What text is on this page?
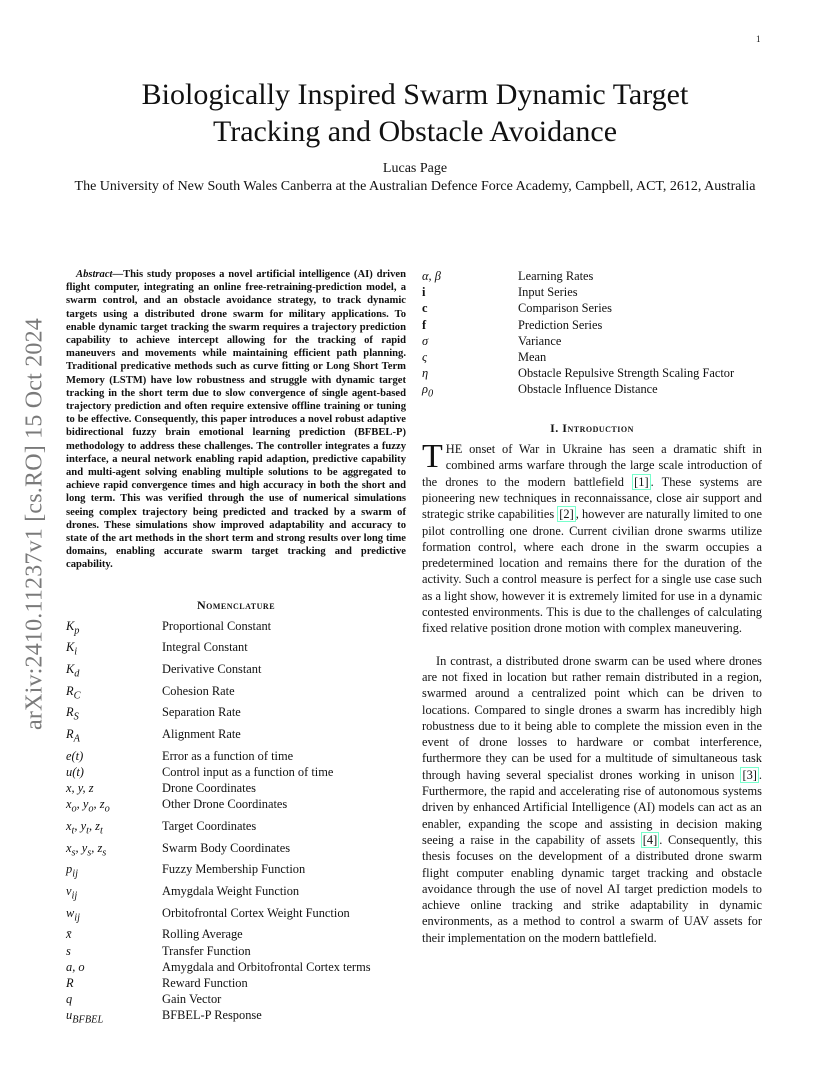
1
arXiv:2410.11237v1 [cs.RO] 15 Oct 2024
Biologically Inspired Swarm Dynamic Target
Tracking and Obstacle Avoidance
Lucas Page
The University of New South Wales Canberra at the Australian Defence Force Academy, Campbell, ACT, 2612, Australia

Abstract—This study proposes a novel artificial intelligence (AI) driven flight computer, integrating an online free-retraining-prediction model, a swarm control, and an obstacle avoidance strategy, to track dynamic targets using a distributed drone swarm for military applications. To enable dynamic target tracking the swarm requires a trajectory prediction capability to achieve intercept allowing for the tracking of rapid maneuvers and movements while maintaining efficient path planning. Traditional predicative methods such as curve fitting or Long Short Term Memory (LSTM) have low robustness and struggle with dynamic target tracking in the short term due to slow convergence of single agent-based trajectory prediction and often require extensive offline training or tuning to be effective. Consequently, this paper introduces a novel robust adaptive bidirectional fuzzy brain emotional learning prediction (BFBEL-P) methodology to address these challenges. The controller integrates a fuzzy interface, a neural network enabling rapid adaption, predictive capability and multi-agent solving enabling multiple solutions to be aggregated to achieve rapid convergence times and high accuracy in both the short and long term. This was verified through the use of numerical simulations seeing complex trajectory being predicted and tracked by a swarm of drones. These simulations show improved adaptability and accuracy to state of the art methods in the short term and strong results over long time domains, enabling accurate swarm target tracking and predictive capability.

Nomenclature
$K_p$	Proportional Constant
$K_i$	Integral Constant
$K_d$	Derivative Constant
$R_C$	Cohesion Rate
$R_S$	Separation Rate
$R_A$	Alignment Rate
e(t)	Error as a function of time
u(t)	Control input as a function of time
x, y, z	Drone Coordinates
$x_o$, $y_o$, $z_o$	Other Drone Coordinates
$x_t$, $y_t$, $z_t$	Target Coordinates
$x_s$, $y_s$, $z_s$	Swarm Body Coordinates
$p_{ij}$	Fuzzy Membership Function
$v_{ij}$	Amygdala Weight Function
$w_{ij}$	Orbitofrontal Cortex Weight Function
x̄	Rolling Average
s	Transfer Function
a, o	Amygdala and Orbitofrontal Cortex terms
R	Reward Function
q	Gain Vector
$u_{BFBEL}$	BFBEL-P Response
α, β	Learning Rates
i	Input Series
c	Comparison Series
f	Prediction Series
σ	Variance
ς	Mean
η	Obstacle Repulsive Strength Scaling Factor
$\rho_0$	Obstacle Influence Distance
I. Introduction

THE onset of War in Ukraine has seen a dramatic shift in combined arms warfare through the large scale introduction of the drones to the modern battlefield [1] . These systems are pioneering new techniques in reconnaissance, close air support and strategic strike capabilities [2] , however are naturally limited to one pilot controlling one drone. Current civilian drone swarms utilize formation control, where each drone in the swarm occupies a predetermined location and remains there for the duration of the activity. Such a control measure is perfect for a single use case such as a light show, however it is extremely limited for use in a dynamic contested environments. This is due to the challenges of calculating fixed relative position drone motion with complex maneuvering.

In contrast, a distributed drone swarm can be used where drones are not fixed in location but rather remain distributed in a region, swarmed around a centralized point which can be driven to locations. Compared to single drones a swarm has incredibly high robustness due to it being able to complete the mission even in the event of drone losses to hardware or combat interference, furthermore they can be used for a multitude of simultaneous task through having several specialist drones working in unison [3] . Furthermore, the rapid and accelerating rise of autonomous systems driven by enhanced Artificial Intelligence (AI) models can act as an enabler, expanding the scope and assisting in decision making seeing a raise in the capability of assets [4] . Consequently, this thesis focuses on the development of a distributed drone swarm flight computer enabling dynamic target tracking and obstacle avoidance through the use of novel AI target prediction models to achieve online tracking and strike adaptability in dynamic environments, as a method to control a swarm of UAV assets for their implementation on the modern battlefield.
